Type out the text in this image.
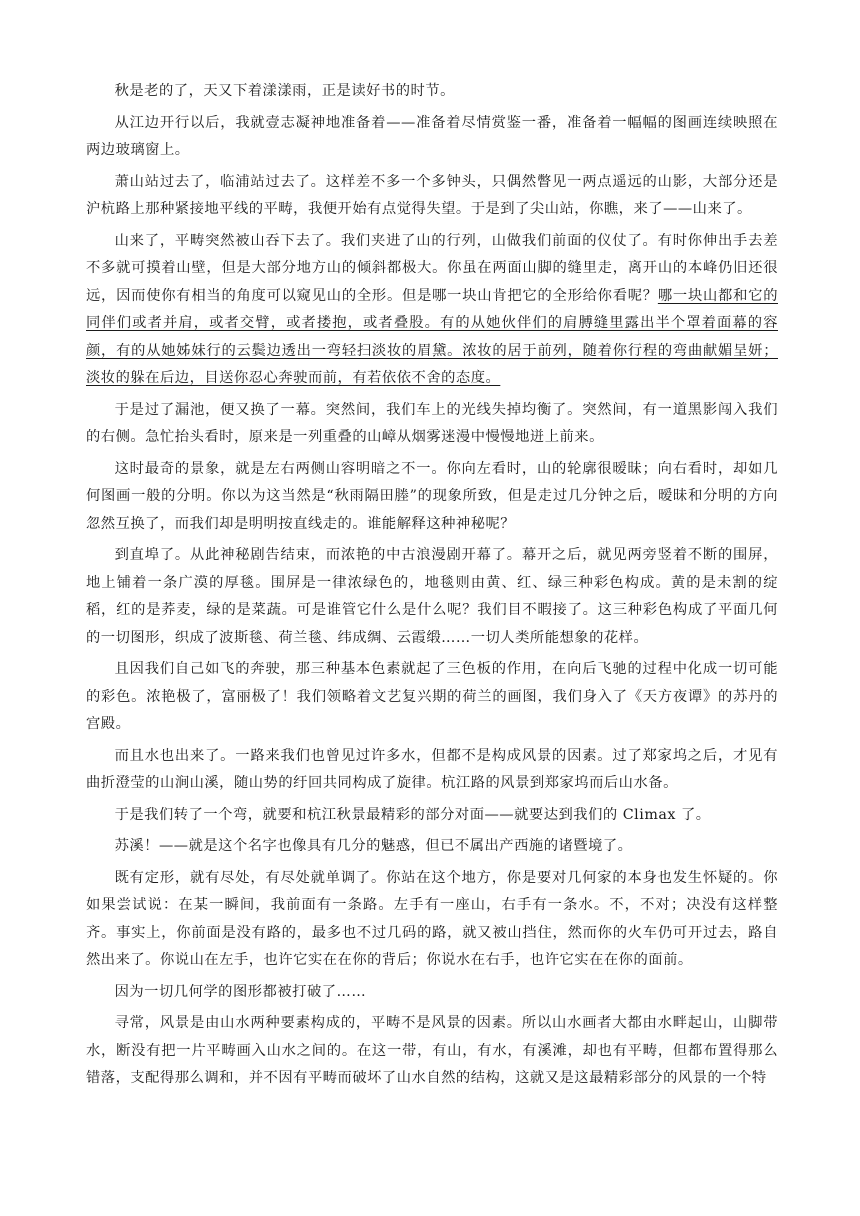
秋是老的了，天又下着漾漾雨，正是读好书的时节。

从江边开行以后，我就壹志凝神地准备着——准备着尽情赏鉴一番，准备着一幅幅的图画连续映照在两边玻璃窗上。

萧山站过去了，临浦站过去了。这样差不多一个多钟头，只偶然瞥见一两点遥远的山影，大部分还是沪杭路上那种紧接地平线的平畴，我便开始有点觉得失望。于是到了尖山站，你瞧，来了——山来了。

山来了，平畴突然被山吞下去了。我们夹进了山的行列，山做我们前面的仪仗了。有时你伸出手去差不多就可摸着山壁，但是大部分地方山的倾斜都极大。你虽在两面山脚的缝里走，离开山的本峰仍旧还很远，因而使你有相当的角度可以窥见山的全形。但是哪一块山肯把它的全形给你看呢？哪一块山都和它的同伴们或者并肩，或者交臂，或者搂抱，或者叠股。有的从她伙伴们的肩膊缝里露出半个罩着面幕的容颜，有的从她姊妹行的云鬓边透出一弯轻扫淡妆的眉黛。浓妆的居于前列，随着你行程的弯曲献媚呈妍；淡妆的躲在后边，目送你忍心奔驶而前，有若依依不舍的态度。

于是过了漏池，便又换了一幕。突然间，我们车上的光线失掉均衡了。突然间，有一道黑影闯入我们的右侧。急忙抬头看时，原来是一列重叠的山嶂从烟雾迷漫中慢慢地迸上前来。

这时最奇的景象，就是左右两侧山容明暗之不一。你向左看时，山的轮廓很暧昧；向右看时，却如几何图画一般的分明。你以为这当然是“秋雨隔田塍”的现象所致，但是走过几分钟之后，暧昧和分明的方向忽然互换了，而我们却是明明按直线走的。谁能解释这种神秘呢？

到直埠了。从此神秘剧告结束，而浓艳的中古浪漫剧开幕了。幕开之后，就见两旁竖着不断的围屏，地上铺着一条广漠的厚毯。围屏是一律浓绿色的，地毯则由黄、红、绿三种彩色构成。黄的是未割的绽稻，红的是荞麦，绿的是菜蔬。可是谁管它什么是什么呢？我们目不暇接了。这三种彩色构成了平面几何的一切图形，织成了波斯毯、荷兰毯、纬成绸、云霞缎……一切人类所能想象的花样。

且因我们自己如飞的奔驶，那三种基本色素就起了三色板的作用，在向后飞驰的过程中化成一切可能的彩色。浓艳极了，富丽极了！我们领略着文艺复兴期的荷兰的画图，我们身入了《天方夜谭》的苏丹的宫殿。

而且水也出来了。一路来我们也曾见过许多水，但都不是构成风景的因素。过了郑家坞之后，才见有曲折澄莹的山涧山溪，随山势的纡回共同构成了旋律。杭江路的风景到郑家坞而后山水备。

于是我们转了一个弯，就要和杭江秋景最精彩的部分对面——就要达到我们的 Climax 了。

苏溪！——就是这个名字也像具有几分的魅惑，但已不属出产西施的诸暨境了。

既有定形，就有尽处，有尽处就单调了。你站在这个地方，你是要对几何家的本身也发生怀疑的。你如果尝试说：在某一瞬间，我前面有一条路。左手有一座山，右手有一条水。不，不对；决没有这样整齐。事实上，你前面是没有路的，最多也不过几码的路，就又被山挡住，然而你的火车仍可开过去，路自然出来了。你说山在左手，也许它实在在你的背后；你说水在右手，也许它实在在你的面前。

因为一切几何学的图形都被打破了……

寻常，风景是由山水两种要素构成的，平畴不是风景的因素。所以山水画者大都由水畔起山，山脚带水，断没有把一片平畴画入山水之间的。在这一带，有山，有水，有溪滩，却也有平畴，但都布置得那么错落，支配得那么调和，并不因有平畴而破坏了山水自然的结构，这就又是这最精彩部分的风景的一个特
